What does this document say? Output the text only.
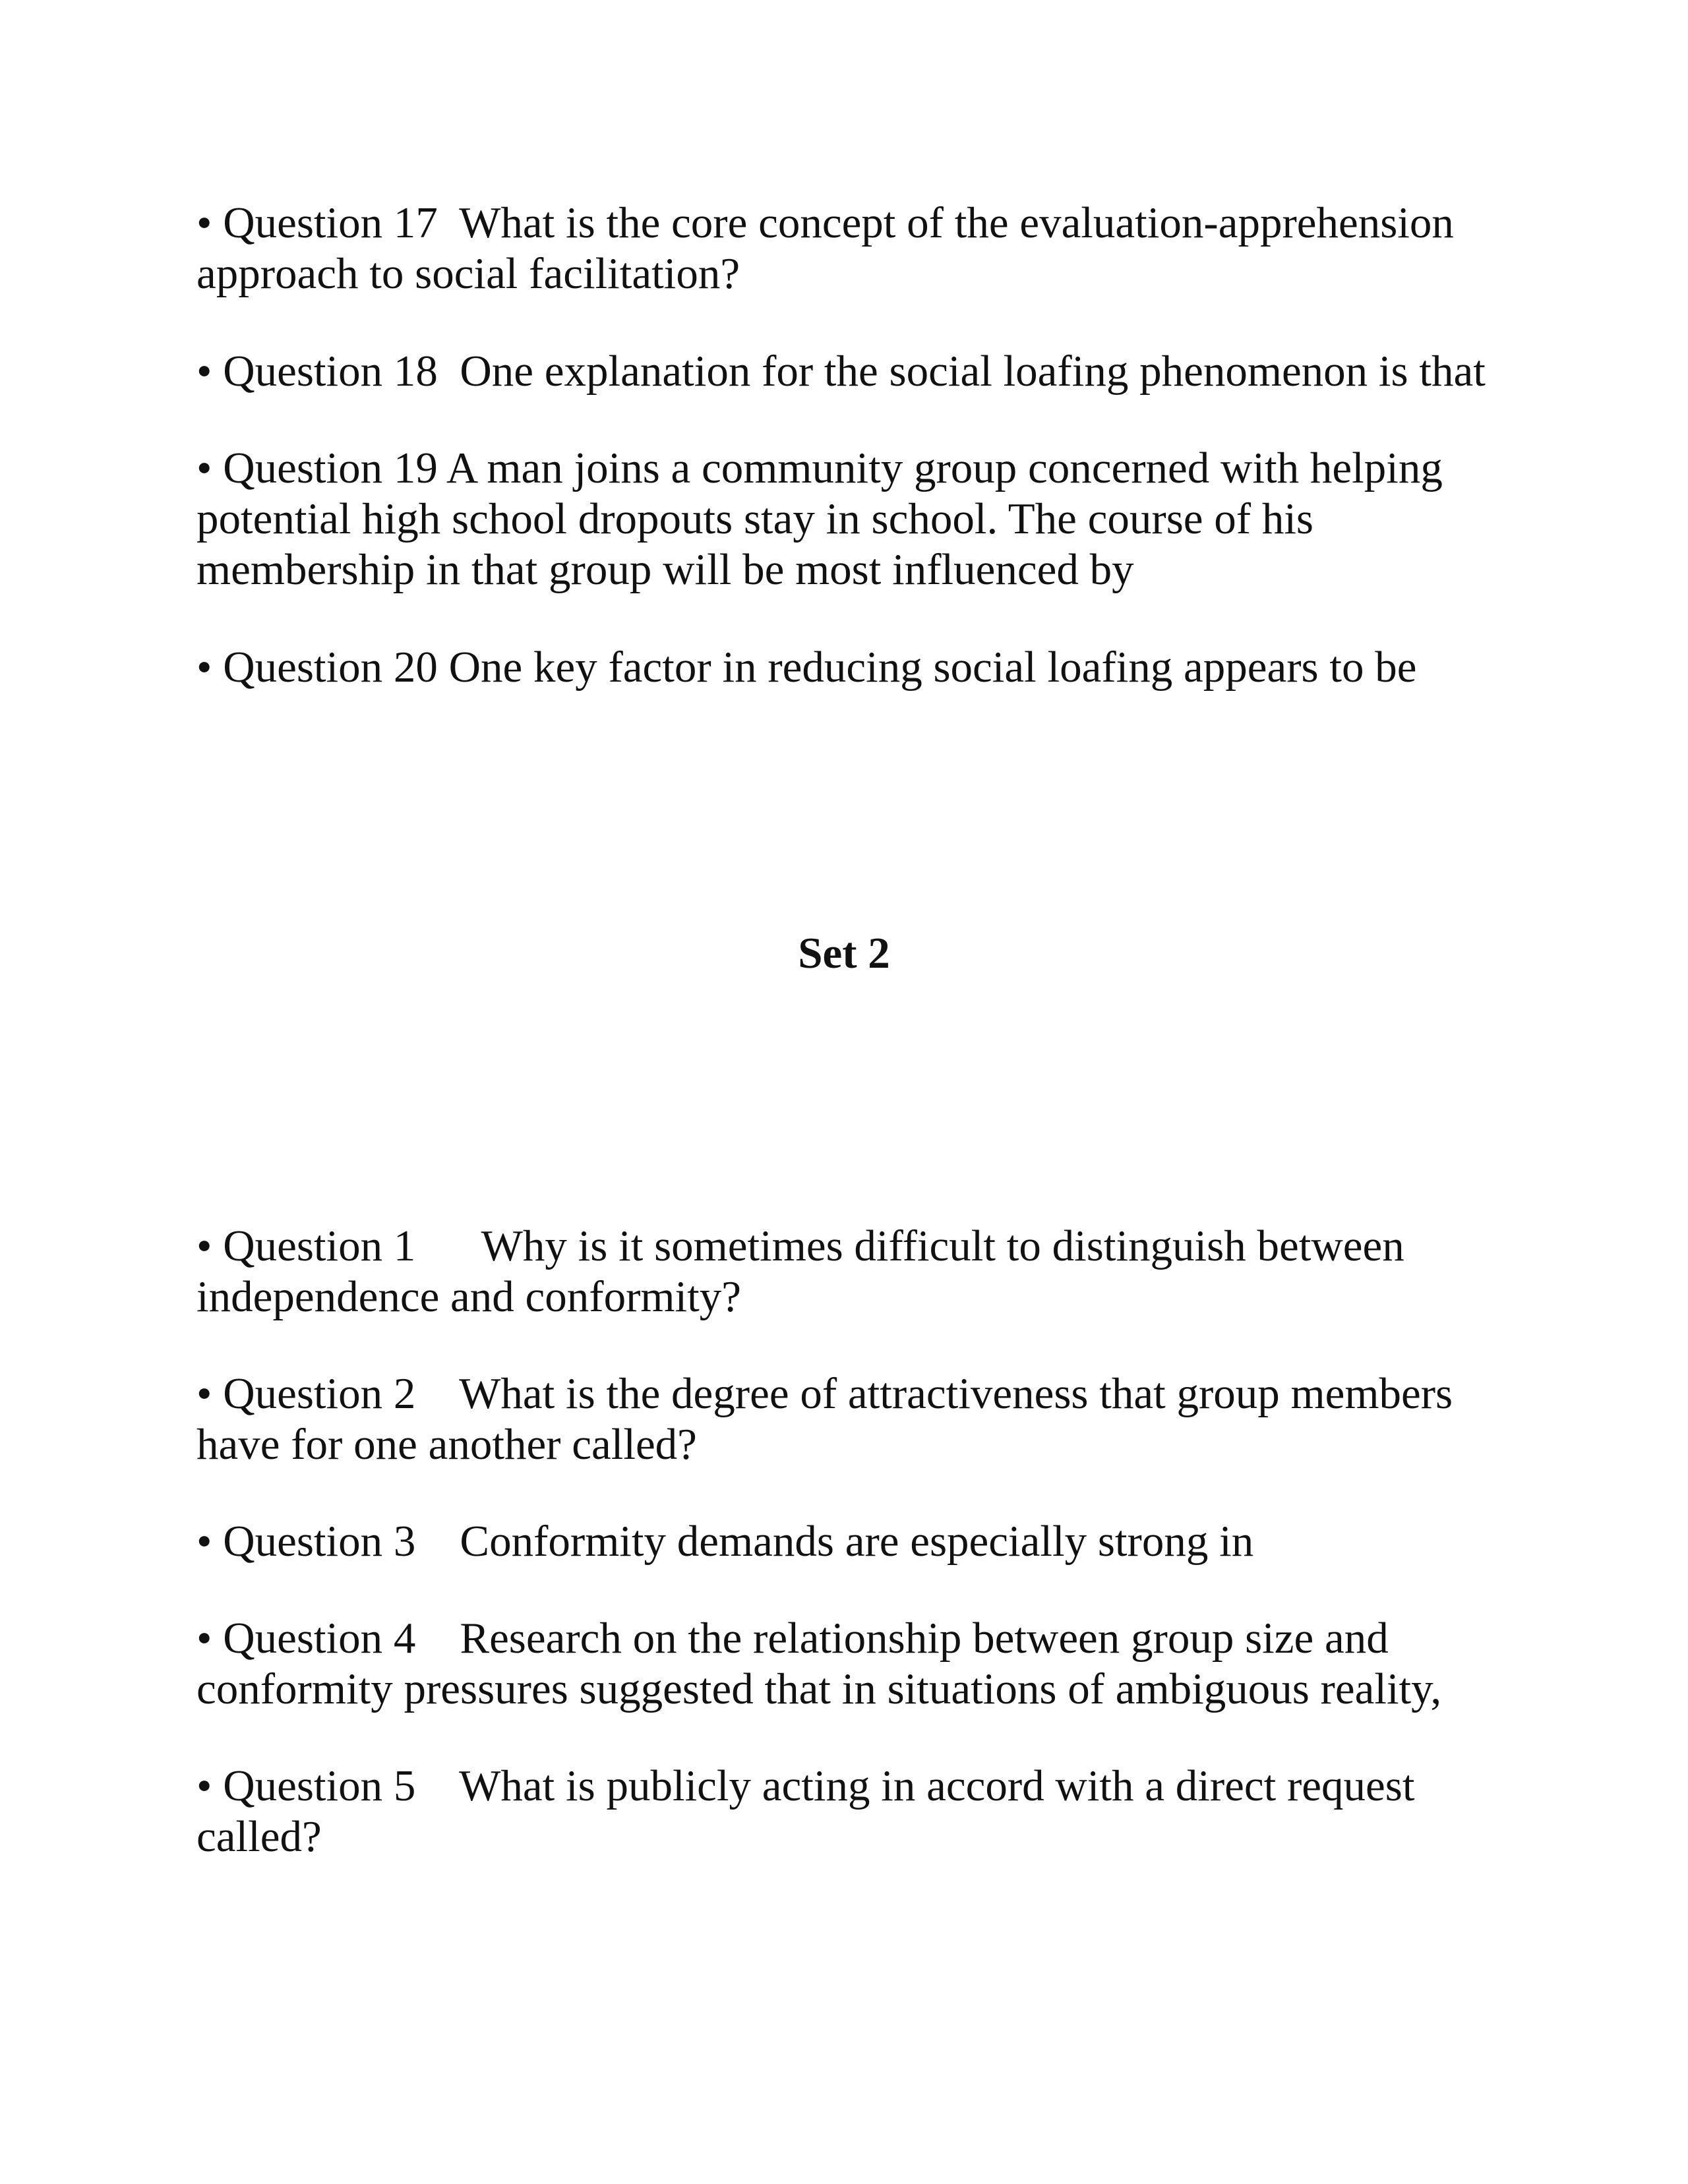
• Question 17  What is the core concept of the evaluation-apprehension
approach to social facilitation?
• Question 18  One explanation for the social loafing phenomenon is that
• Question 19 A man joins a community group concerned with helping
potential high school dropouts stay in school. The course of his
membership in that group will be most influenced by
• Question 20 One key factor in reducing social loafing appears to be
Set 2
• Question 1      Why is it sometimes difficult to distinguish between
independence and conformity?
• Question 2    What is the degree of attractiveness that group members
have for one another called?
• Question 3    Conformity demands are especially strong in
• Question 4    Research on the relationship between group size and
conformity pressures suggested that in situations of ambiguous reality,
• Question 5    What is publicly acting in accord with a direct request
called?
